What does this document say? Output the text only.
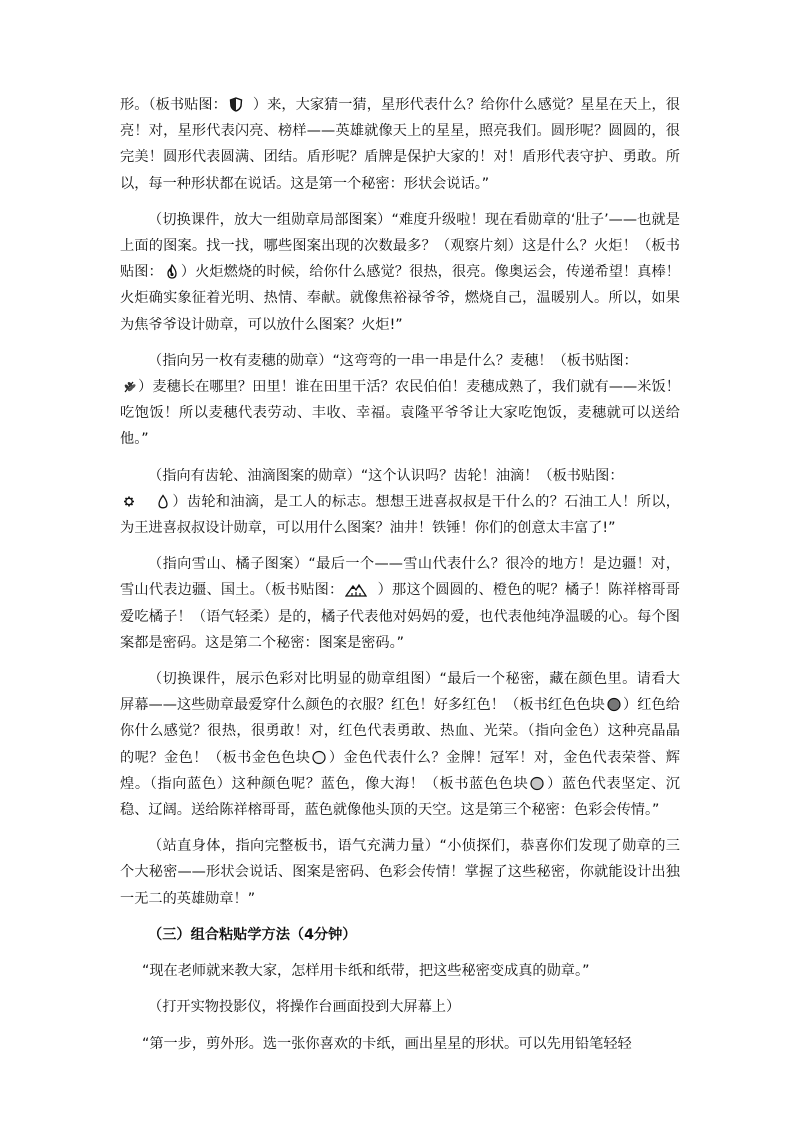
形。（板书贴图： ）来，大家猜一猜，星形代表什么？给你什么感觉？星星在天上，很亮！对，星形代表闪亮、榜样——英雄就像天上的星星，照亮我们。圆形呢？圆圆的，很完美！圆形代表圆满、团结。盾形呢？盾牌是保护大家的！对！盾形代表守护、勇敢。所以，每一种形状都在说话。这是第一个秘密：形状会说话。”

（切换课件，放大一组勋章局部图案）“难度升级啦！现在看勋章的‘肚子’——也就是上面的图案。找一找，哪些图案出现的次数最多？（观察片刻）这是什么？火炬！（板书贴图： ）火炬燃烧的时候，给你什么感觉？很热，很亮。像奥运会，传递希望！真棒！火炬确实象征着光明、热情、奉献。就像焦裕禄爷爷，燃烧自己，温暖别人。所以，如果为焦爷爷设计勋章，可以放什么图案？火炬!”

（指向另一枚有麦穗的勋章）“这弯弯的一串一串是什么？麦穗！（板书贴图：

）麦穗长在哪里？田里！谁在田里干活？农民伯伯！麦穗成熟了，我们就有——米饭！吃饱饭！所以麦穗代表劳动、丰收、幸福。袁隆平爷爷让大家吃饱饭，麦穗就可以送给他。”

（指向有齿轮、油滴图案的勋章）“这个认识吗？齿轮！油滴！（板书贴图：

）齿轮和油滴，是工人的标志。想想王进喜叔叔是干什么的？石油工人！所以，为王进喜叔叔设计勋章，可以用什么图案？油井！铁锤！你们的创意太丰富了!”

（指向雪山、橘子图案）“最后一个——雪山代表什么？很冷的地方！是边疆！对，雪山代表边疆、国土。（板书贴图： ）那这个圆圆的、橙色的呢？橘子！陈祥榕哥哥爱吃橘子！（语气轻柔）是的，橘子代表他对妈妈的爱，也代表他纯净温暖的心。每个图案都是密码。这是第二个秘密：图案是密码。”

（切换课件，展示色彩对比明显的勋章组图）“最后一个秘密，藏在颜色里。请看大屏幕——这些勋章最爱穿什么颜色的衣服？红色！好多红色！（板书红色色块 ）红色给你什么感觉？很热，很勇敢！对，红色代表勇敢、热血、光荣。（指向金色）这种亮晶晶的呢？金色！（板书金色色块 ）金色代表什么？金牌！冠军！对，金色代表荣誉、辉煌。（指向蓝色）这种颜色呢？蓝色，像大海！（板书蓝色色块 ）蓝色代表坚定、沉稳、辽阔。送给陈祥榕哥哥，蓝色就像他头顶的天空。这是第三个秘密：色彩会传情。”

（站直身体，指向完整板书，语气充满力量）“小侦探们，恭喜你们发现了勋章的三个大秘密——形状会说话、图案是密码、色彩会传情！掌握了这些秘密，你就能设计出独一无二的英雄勋章！”

（三）组合粘贴学方法（4分钟）

“现在老师就来教大家，怎样用卡纸和纸带，把这些秘密变成真的勋章。”

（打开实物投影仪，将操作台画面投到大屏幕上）

“第一步，剪外形。选一张你喜欢的卡纸，画出星星的形状。可以先用铅笔轻轻
